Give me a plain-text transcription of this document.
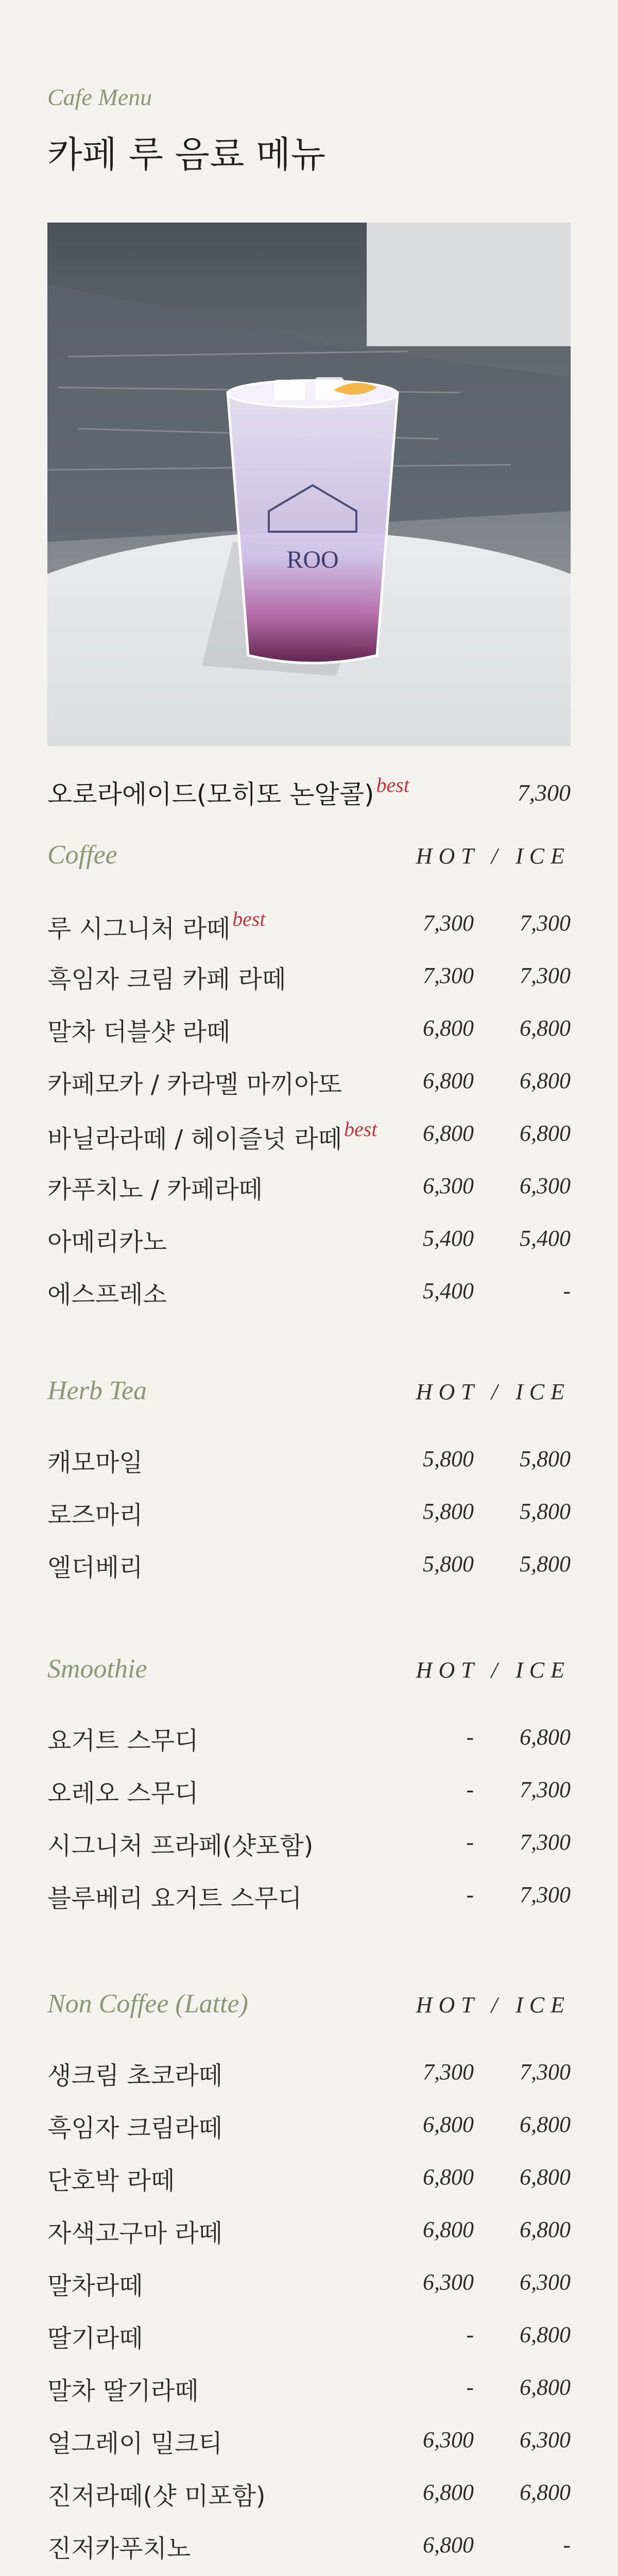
Cafe Menu
카페 루 음료 메뉴
ROO
오로라에이드(모히또 논알콜) $^{best}$	7,300
Coffee	HOT / ICE
루 시그니처 라떼 $^{best}$	7,300	7,300
흑임자 크림 카페 라떼	7,300	7,300
말차 더블샷 라떼	6,800	6,800
카페모카 / 카라멜 마끼아또	6,800	6,800
바닐라라떼 / 헤이즐넛 라떼 $^{best}$	6,800	6,800
카푸치노 / 카페라떼	6,300	6,300
아메리카노	5,400	5,400
에스프레소	5,400	-
Herb Tea	HOT / ICE
캐모마일	5,800	5,800
로즈마리	5,800	5,800
엘더베리	5,800	5,800
Smoothie	HOT / ICE
요거트 스무디	-	6,800
오레오 스무디	-	7,300
시그니처 프라페(샷포함)	-	7,300
블루베리 요거트 스무디	-	7,300
Non Coffee (Latte)	HOT / ICE
생크림 초코라떼	7,300	7,300
흑임자 크림라떼	6,800	6,800
단호박 라떼	6,800	6,800
자색고구마 라떼	6,800	6,800
말차라떼	6,300	6,300
딸기라떼	-	6,800
말차 딸기라떼	-	6,800
얼그레이 밀크티	6,300	6,300
진저라떼(샷 미포함)	6,800	6,800
진저카푸치노	6,800	-
